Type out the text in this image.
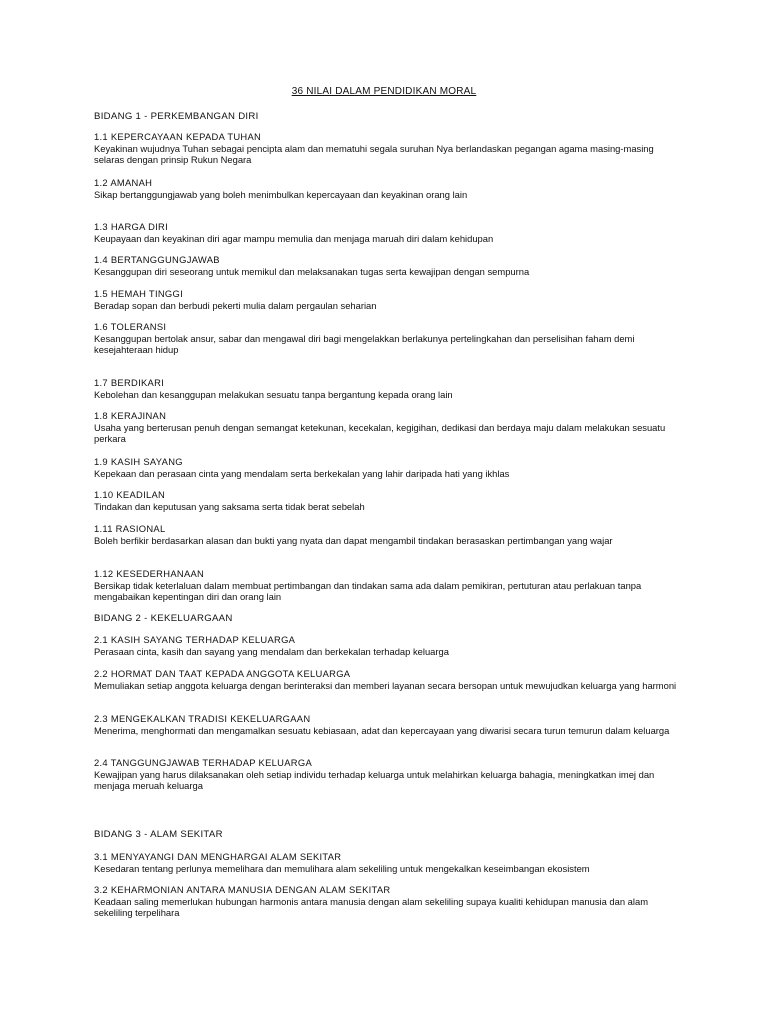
36 NILAI DALAM PENDIDIKAN MORAL
BIDANG 1 - PERKEMBANGAN DIRI
1.1 KEPERCAYAAN KEPADA TUHAN
Keyakinan wujudnya Tuhan sebagai pencipta alam dan mematuhi segala suruhan Nya berlandaskan pegangan agama masing-masing selaras dengan prinsip Rukun Negara
1.2 AMANAH
Sikap bertanggungjawab yang boleh menimbulkan kepercayaan dan keyakinan orang lain
1.3 HARGA DIRI
Keupayaan dan keyakinan diri agar mampu memulia dan menjaga maruah diri dalam kehidupan
1.4 BERTANGGUNGJAWAB
Kesanggupan diri seseorang untuk memikul dan melaksanakan tugas serta kewajipan dengan sempurna
1.5 HEMAH TINGGI
Beradap sopan dan berbudi pekerti mulia dalam pergaulan seharian
1.6 TOLERANSI
Kesanggupan bertolak ansur, sabar dan mengawal diri bagi mengelakkan berlakunya pertelingkahan dan perselisihan faham demi kesejahteraan hidup
1.7 BERDIKARI
Kebolehan dan kesanggupan melakukan sesuatu tanpa bergantung kepada orang lain
1.8 KERAJINAN
Usaha yang berterusan penuh dengan semangat ketekunan, kecekalan, kegigihan, dedikasi dan berdaya maju dalam melakukan sesuatu perkara
1.9 KASIH SAYANG
Kepekaan dan perasaan cinta yang mendalam serta berkekalan yang lahir daripada hati yang ikhlas
1.10 KEADILAN
Tindakan dan keputusan yang saksama serta tidak berat sebelah
1.11 RASIONAL
Boleh berfikir berdasarkan alasan dan bukti yang nyata dan dapat mengambil tindakan berasaskan pertimbangan yang wajar
1.12 KESEDERHANAAN
Bersikap tidak keterlaluan dalam membuat pertimbangan dan tindakan sama ada dalam pemikiran, pertuturan atau perlakuan tanpa mengabaikan kepentingan diri dan orang lain
BIDANG 2 - KEKELUARGAAN
2.1 KASIH SAYANG TERHADAP KELUARGA
Perasaan cinta, kasih dan sayang yang mendalam dan berkekalan terhadap keluarga
2.2 HORMAT DAN TAAT KEPADA ANGGOTA KELUARGA
Memuliakan setiap anggota keluarga dengan berinteraksi dan memberi layanan secara bersopan untuk mewujudkan keluarga yang harmoni
2.3 MENGEKALKAN TRADISI KEKELUARGAAN
Menerima, menghormati dan mengamalkan sesuatu kebiasaan, adat dan kepercayaan yang diwarisi secara turun temurun dalam keluarga
2.4 TANGGUNGJAWAB TERHADAP KELUARGA
Kewajipan yang harus dilaksanakan oleh setiap individu terhadap keluarga untuk melahirkan keluarga bahagia, meningkatkan imej dan menjaga meruah keluarga
BIDANG 3 - ALAM SEKITAR
3.1 MENYAYANGI DAN MENGHARGAI ALAM SEKITAR
Kesedaran tentang perlunya memelihara dan memulihara alam sekeliling untuk mengekalkan keseimbangan ekosistem
3.2 KEHARMONIAN ANTARA MANUSIA DENGAN ALAM SEKITAR
Keadaan saling memerlukan hubungan harmonis antara manusia dengan alam sekeliling supaya kualiti kehidupan manusia dan alam sekeliling terpelihara
